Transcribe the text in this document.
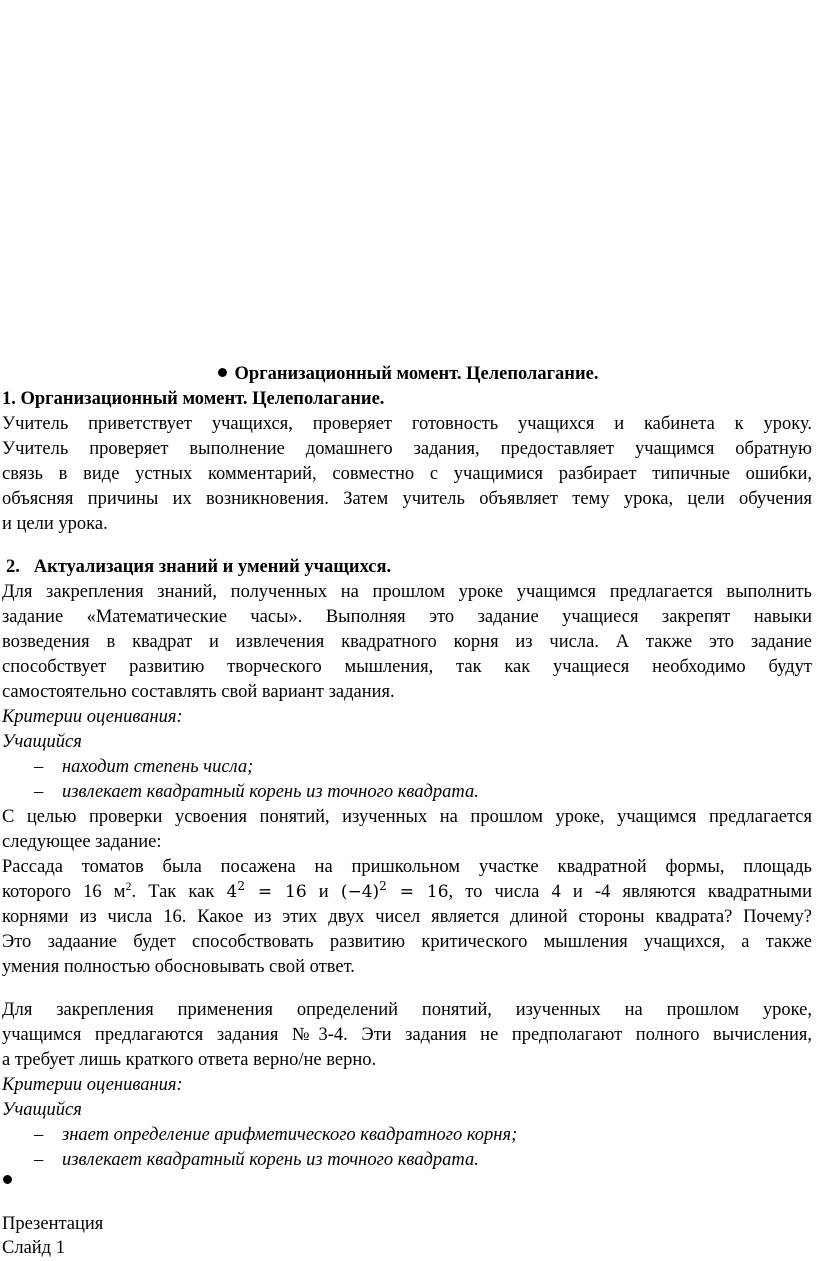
Организационный момент. Целеполагание.
1. Организационный момент. Целеполагание.
Учитель приветствует учащихся, проверяет готовность учащихся и кабинета к уроку.
Учитель проверяет выполнение домашнего задания, предоставляет учащимся обратную
связь в виде устных комментарий, совместно с учащимися разбирает типичные ошибки,
объясняя причины их возникновения. Затем учитель объявляет тему урока, цели обучения
и цели урока.
2. Актуализация знаний и умений учащихся.
Для закрепления знаний, полученных на прошлом уроке учащимся предлагается выполнить
задание «Математические часы». Выполняя это задание учащиеся закрепят навыки
возведения в квадрат и извлечения квадратного корня из числа. А также это задание
способствует развитию творческого мышления, так как учащиеся необходимо будут
самостоятельно составлять свой вариант задания.
Критерии оценивания:
Учащийся
– находит степень числа;
– извлекает квадратный корень из точного квадрата.
С целью проверки усвоения понятий, изученных на прошлом уроке, учащимся предлагается
следующее задание:
Рассада томатов была посажена на пришкольном участке квадратной формы, площадь
которого 16 $м^2$. Так как $4^2 = 16$ и $(-4)^2 = 16$, то числа 4 и -4 являются квадратными
корнями из числа 16. Какое из этих двух чисел является длиной стороны квадрата? Почему?
Это задаание будет способствовать развитию критического мышления учащихся, а также
умения полностью обосновывать свой ответ.
Для закрепления применения определений понятий, изученных на прошлом уроке,
учащимся предлагаются задания №3-4. Эти задания не предполагают полного вычисления,
а требует лишь краткого ответа верно/не верно.
Критерии оценивания:
Учащийся
– знает определение арифметического квадратного корня;
– извлекает квадратный корень из точного квадрата.
Презентация
Слайд 1
